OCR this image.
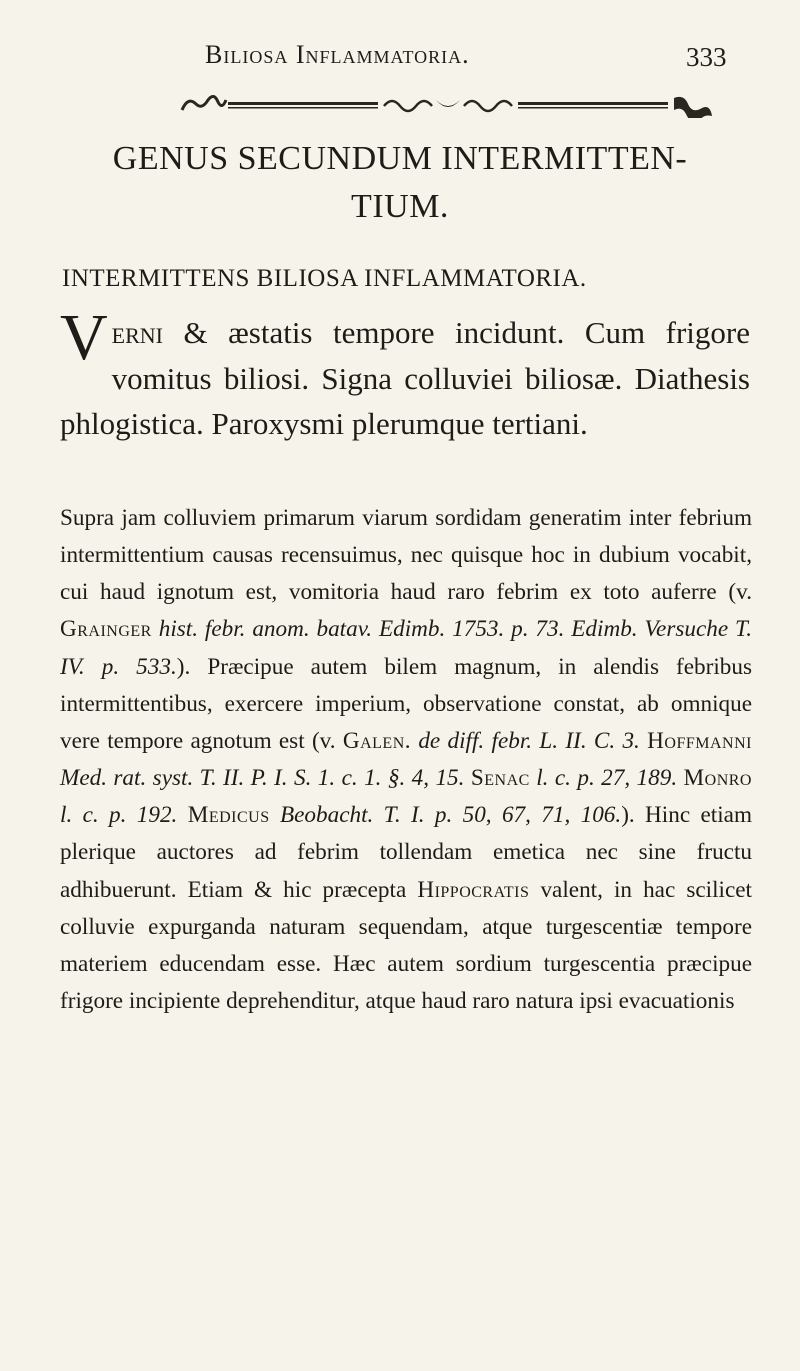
Biliosa Inflammatoria.	333
GENUS SECUNDUM INTERMITTEN-
TIUM.
INTERMITTENS BILIOSA INFLAMMATORIA.

Verni & æstatis tempore incidunt. Cum frigore vomitus biliosi. Signa colluviei biliosæ. Diathesis phlogistica. Paroxysmi plerumque tertiani.

Supra jam colluviem primarum viarum sordidam generatim inter febrium intermittentium causas recensuimus, nec quisque hoc in dubium vocabit, cui haud ignotum est, vomitoria haud raro febrim ex toto auferre (v. Grainger hist. febr. anom. batav. Edimb. 1753. p. 73. Edimb. Versuche T. IV. p. 533.). Præcipue autem bilem magnum, in alendis febribus intermittentibus, exercere imperium, observatione constat, ab omnique vere tempore agnotum est (v. Galen. de diff. febr. L. II. C. 3. Hoffmanni Med. rat. syst. T. II. P. I. S. 1. c. 1. §. 4, 15. Senac l. c. p. 27, 189. Monro l. c. p. 192. Medicus Beobacht. T. I. p. 50, 67, 71, 106.). Hinc etiam plerique auctores ad febrim tollendam emetica nec sine fructu adhibuerunt. Etiam & hic præcepta Hippocratis valent, in hac scilicet colluvie expurganda naturam sequendam, atque turgescentiæ tempore materiem educendam esse. Hæc autem sordium turgescentia præcipue frigore incipiente deprehenditur, atque haud raro natura ipsi evacuationis
